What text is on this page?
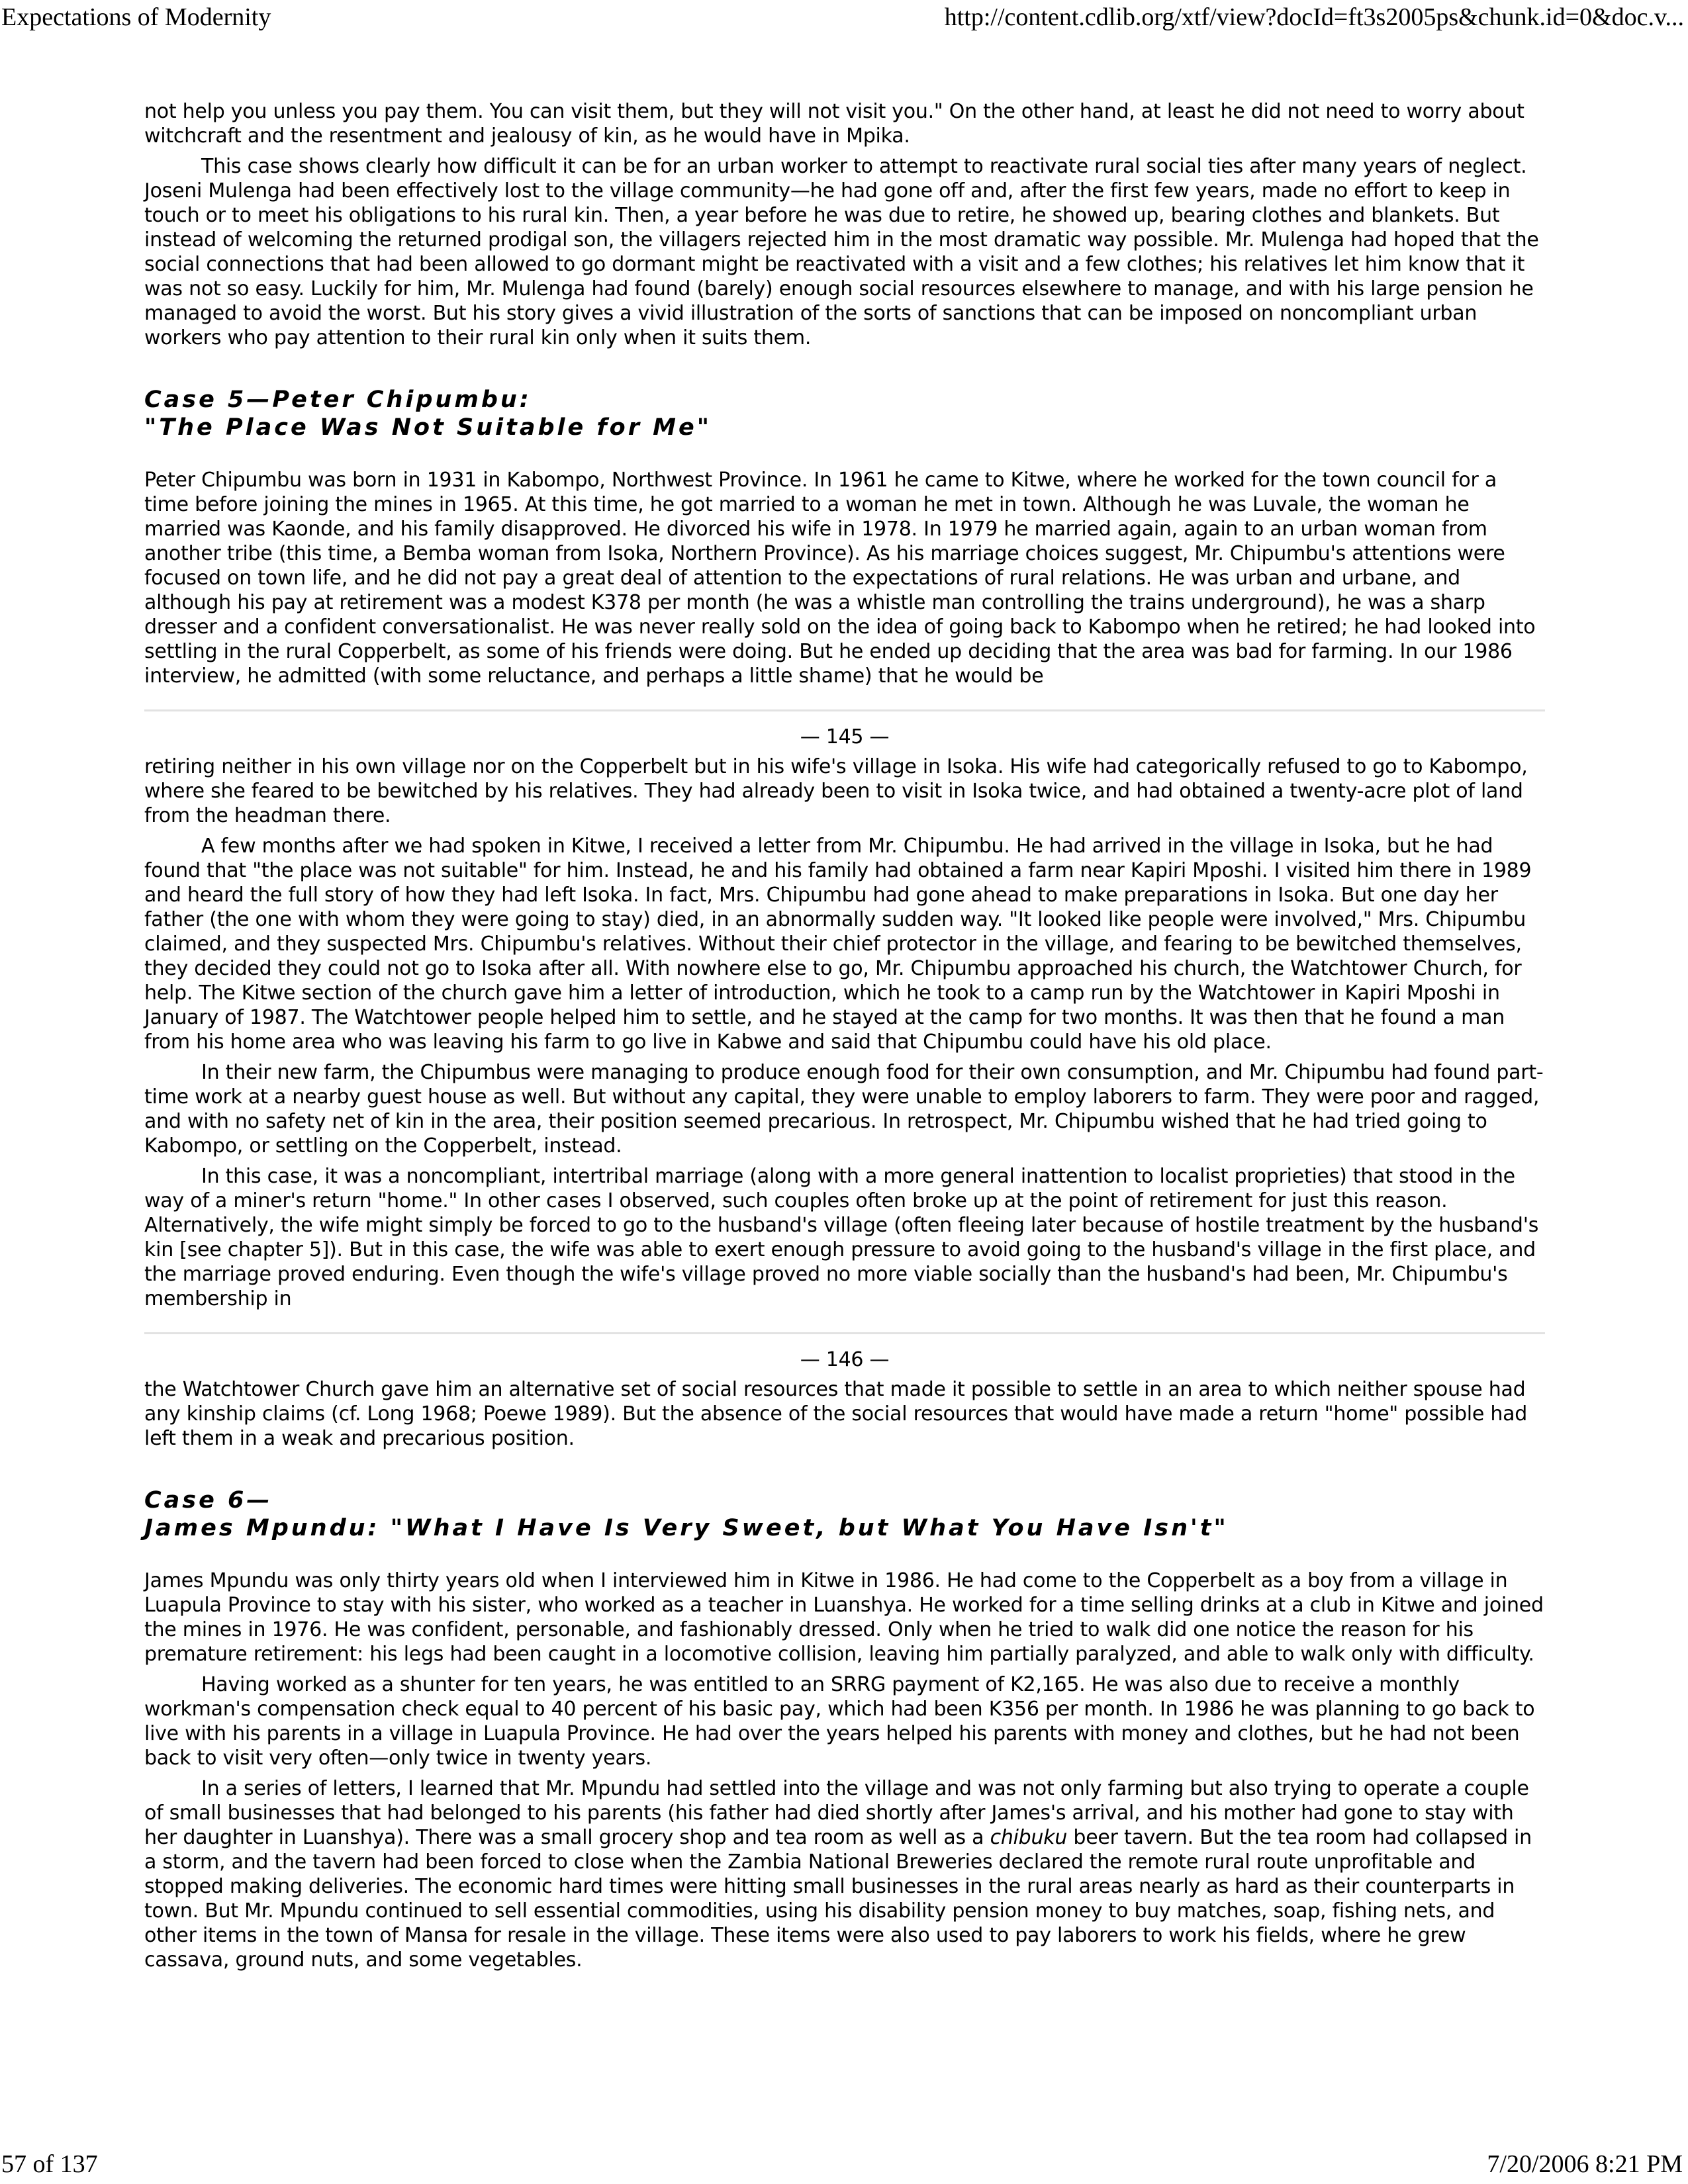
Expectations of Modernity	http://content.cdlib.org/xtf/view?docId=ft3s2005ps&chunk.id=0&doc.v...

not help you unless you pay them. You can visit them, but they will not visit you." On the other hand, at least he did not need to worry about witchcraft and the resentment and jealousy of kin, as he would have in Mpika.

This case shows clearly how difficult it can be for an urban worker to attempt to reactivate rural social ties after many years of neglect. Joseni Mulenga had been effectively lost to the village community—he had gone off and, after the first few years, made no effort to keep in touch or to meet his obligations to his rural kin. Then, a year before he was due to retire, he showed up, bearing clothes and blankets. But instead of welcoming the returned prodigal son, the villagers rejected him in the most dramatic way possible. Mr. Mulenga had hoped that the social connections that had been allowed to go dormant might be reactivated with a visit and a few clothes; his relatives let him know that it was not so easy. Luckily for him, Mr. Mulenga had found (barely) enough social resources elsewhere to manage, and with his large pension he managed to avoid the worst. But his story gives a vivid illustration of the sorts of sanctions that can be imposed on noncompliant urban workers who pay attention to their rural kin only when it suits them.

Case 5—Peter Chipumbu:
"The Place Was Not Suitable for Me"

Peter Chipumbu was born in 1931 in Kabompo, Northwest Province. In 1961 he came to Kitwe, where he worked for the town council for a time before joining the mines in 1965. At this time, he got married to a woman he met in town. Although he was Luvale, the woman he married was Kaonde, and his family disapproved. He divorced his wife in 1978. In 1979 he married again, again to an urban woman from another tribe (this time, a Bemba woman from Isoka, Northern Province). As his marriage choices suggest, Mr. Chipumbu's attentions were focused on town life, and he did not pay a great deal of attention to the expectations of rural relations. He was urban and urbane, and although his pay at retirement was a modest K378 per month (he was a whistle man controlling the trains underground), he was a sharp dresser and a confident conversationalist. He was never really sold on the idea of going back to Kabompo when he retired; he had looked into settling in the rural Copperbelt, as some of his friends were doing. But he ended up deciding that the area was bad for farming. In our 1986 interview, he admitted (with some reluctance, and perhaps a little shame) that he would be

— 145 —

retiring neither in his own village nor on the Copperbelt but in his wife's village in Isoka. His wife had categorically refused to go to Kabompo, where she feared to be bewitched by his relatives. They had already been to visit in Isoka twice, and had obtained a twenty-acre plot of land from the headman there.

A few months after we had spoken in Kitwe, I received a letter from Mr. Chipumbu. He had arrived in the village in Isoka, but he had found that "the place was not suitable" for him. Instead, he and his family had obtained a farm near Kapiri Mposhi. I visited him there in 1989 and heard the full story of how they had left Isoka. In fact, Mrs. Chipumbu had gone ahead to make preparations in Isoka. But one day her father (the one with whom they were going to stay) died, in an abnormally sudden way. "It looked like people were involved," Mrs. Chipumbu claimed, and they suspected Mrs. Chipumbu's relatives. Without their chief protector in the village, and fearing to be bewitched themselves, they decided they could not go to Isoka after all. With nowhere else to go, Mr. Chipumbu approached his church, the Watchtower Church, for help. The Kitwe section of the church gave him a letter of introduction, which he took to a camp run by the Watchtower in Kapiri Mposhi in January of 1987. The Watchtower people helped him to settle, and he stayed at the camp for two months. It was then that he found a man from his home area who was leaving his farm to go live in Kabwe and said that Chipumbu could have his old place.

In their new farm, the Chipumbus were managing to produce enough food for their own consumption, and Mr. Chipumbu had found part-time work at a nearby guest house as well. But without any capital, they were unable to employ laborers to farm. They were poor and ragged, and with no safety net of kin in the area, their position seemed precarious. In retrospect, Mr. Chipumbu wished that he had tried going to Kabompo, or settling on the Copperbelt, instead.

In this case, it was a noncompliant, intertribal marriage (along with a more general inattention to localist proprieties) that stood in the way of a miner's return "home." In other cases I observed, such couples often broke up at the point of retirement for just this reason. Alternatively, the wife might simply be forced to go to the husband's village (often fleeing later because of hostile treatment by the husband's kin [see chapter 5]). But in this case, the wife was able to exert enough pressure to avoid going to the husband's village in the first place, and the marriage proved enduring. Even though the wife's village proved no more viable socially than the husband's had been, Mr. Chipumbu's membership in

— 146 —

the Watchtower Church gave him an alternative set of social resources that made it possible to settle in an area to which neither spouse had any kinship claims (cf. Long 1968; Poewe 1989). But the absence of the social resources that would have made a return "home" possible had left them in a weak and precarious position.

Case 6—
James Mpundu: "What I Have Is Very Sweet, but What You Have Isn't"

James Mpundu was only thirty years old when I interviewed him in Kitwe in 1986. He had come to the Copperbelt as a boy from a village in Luapula Province to stay with his sister, who worked as a teacher in Luanshya. He worked for a time selling drinks at a club in Kitwe and joined the mines in 1976. He was confident, personable, and fashionably dressed. Only when he tried to walk did one notice the reason for his premature retirement: his legs had been caught in a locomotive collision, leaving him partially paralyzed, and able to walk only with difficulty.

Having worked as a shunter for ten years, he was entitled to an SRRG payment of K2,165. He was also due to receive a monthly workman's compensation check equal to 40 percent of his basic pay, which had been K356 per month. In 1986 he was planning to go back to live with his parents in a village in Luapula Province. He had over the years helped his parents with money and clothes, but he had not been back to visit very often—only twice in twenty years.

In a series of letters, I learned that Mr. Mpundu had settled into the village and was not only farming but also trying to operate a couple of small businesses that had belonged to his parents (his father had died shortly after James's arrival, and his mother had gone to stay with her daughter in Luanshya). There was a small grocery shop and tea room as well as a chibuku beer tavern. But the tea room had collapsed in a storm, and the tavern had been forced to close when the Zambia National Breweries declared the remote rural route unprofitable and stopped making deliveries. The economic hard times were hitting small businesses in the rural areas nearly as hard as their counterparts in town. But Mr. Mpundu continued to sell essential commodities, using his disability pension money to buy matches, soap, fishing nets, and other items in the town of Mansa for resale in the village. These items were also used to pay laborers to work his fields, where he grew cassava, ground nuts, and some vegetables.

57 of 137	7/20/2006 8:21 PM
